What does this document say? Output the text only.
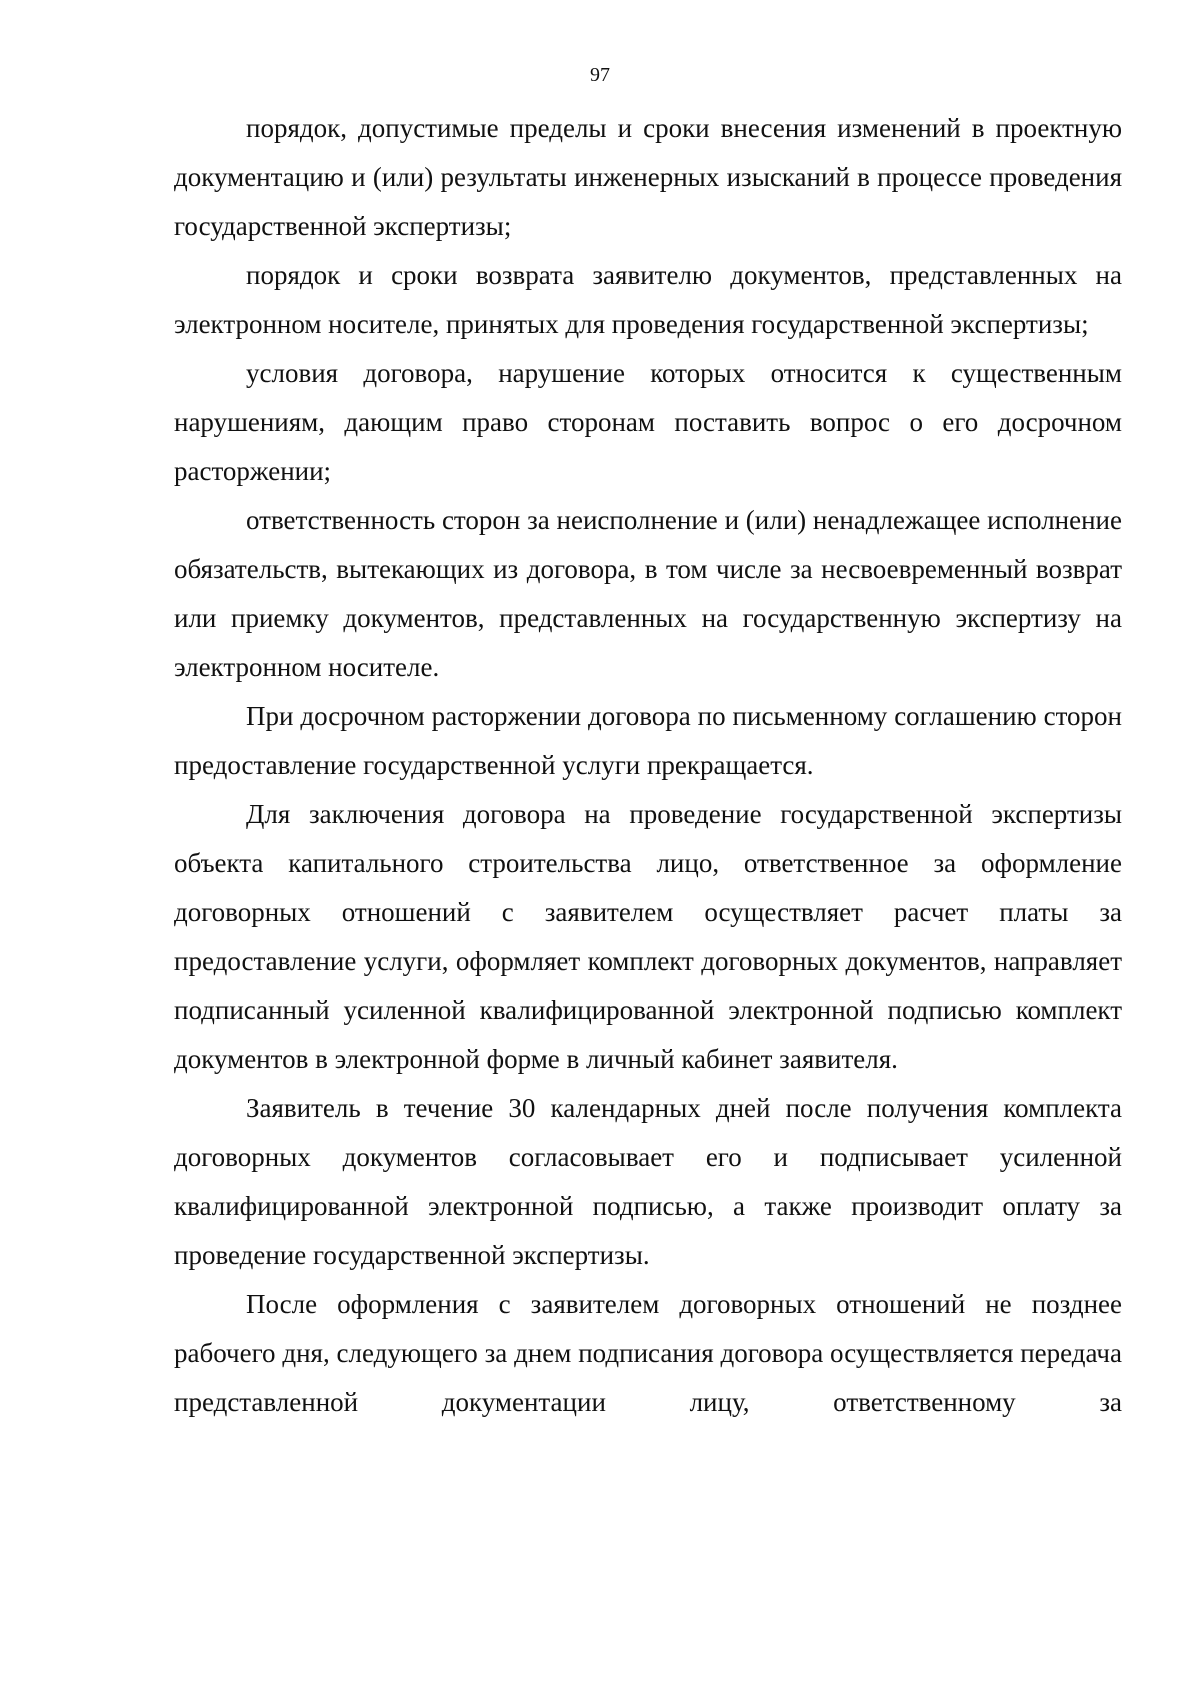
97

порядок, допустимые пределы и сроки внесения изменений в проектную документацию и (или) результаты инженерных изысканий в процессе проведения государственной экспертизы;

порядок и сроки возврата заявителю документов, представленных на электронном носителе, принятых для проведения государственной экспертизы;

условия договора, нарушение которых относится к существенным нарушениям, дающим право сторонам поставить вопрос о его досрочном расторжении;

ответственность сторон за неисполнение и (или) ненадлежащее исполнение обязательств, вытекающих из договора, в том числе за несвоевременный возврат или приемку документов, представленных на государственную экспертизу на электронном носителе.

При досрочном расторжении договора по письменному соглашению сторон предоставление государственной услуги прекращается.

Для заключения договора на проведение государственной экспертизы объекта капитального строительства лицо, ответственное за оформление договорных отношений с заявителем осуществляет расчет платы за предоставление услуги, оформляет комплект договорных документов, направляет подписанный усиленной квалифицированной электронной подписью комплект документов в электронной форме в личный кабинет заявителя.

Заявитель в течение 30 календарных дней после получения комплекта договорных документов согласовывает его и подписывает усиленной квалифицированной электронной подписью, а также производит оплату за проведение государственной экспертизы.

После оформления с заявителем договорных отношений не позднее рабочего дня, следующего за днем подписания договора осуществляется передача представленной документации лицу, ответственному за
